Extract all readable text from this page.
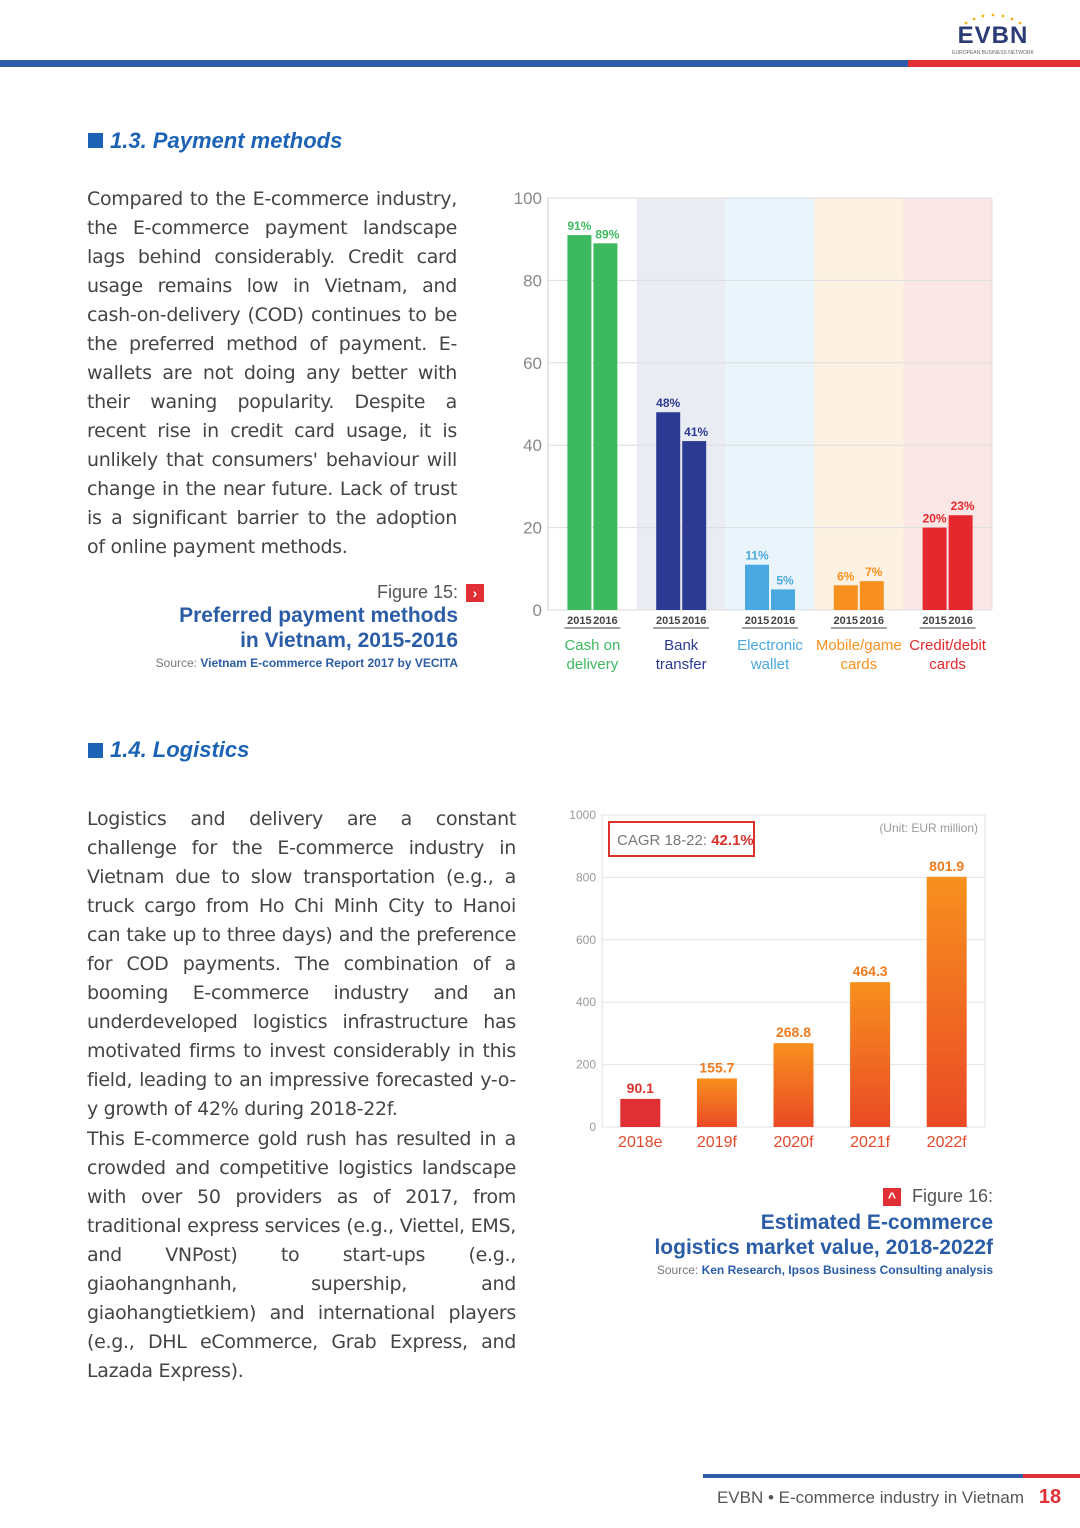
EVBN
EUROPEAN BUSINESS NETWORK
1.3. Payment methods
Compared to the E-commerce industry, the E-commerce payment landscape lags behind considerably. Credit card usage remains low in Vietnam, and cash-on-delivery (COD) continues to be the preferred method of payment. E-wallets are not doing any better with their waning popularity. Despite a recent rise in credit card usage, it is unlikely that consumers' behaviour will change in the near future. Lack of trust is a significant barrier to the adoption of online payment methods.
Figure 15:	›
Preferred payment methods
in Vietnam, 2015-2016
Source: Vietnam E-commerce Report 2017 by VECITA
0
20
40
60
80
100
91%
89%
2015 2016
Cash on
delivery
48%
41%
2015 2016
Bank
transfer
11%
5%
2015 2016
Electronic
wallet
6% 7%
2015 2016
Mobile/game
cards
20%
23%
2015 2016
Credit/debit
cards
1.4. Logistics
Logistics and delivery are a constant challenge for the E-commerce industry in Vietnam due to slow transportation (e.g., a truck cargo from Ho Chi Minh City to Hanoi can take up to three days) and the preference for COD payments. The combination of a booming E-commerce industry and an underdeveloped logistics infrastructure has motivated firms to invest considerably in this field, leading to an impressive forecasted y-o-y growth of 42% during 2018-22f.
This E-commerce gold rush has resulted in a crowded and competitive logistics landscape with over 50 providers as of 2017, from traditional express services (e.g., Viettel, EMS, and VNPost) to start-ups (e.g., giaohangnhanh, supership, and giaohangtietkiem) and international players (e.g., DHL eCommerce, Grab Express, and Lazada Express).
0
200
400
600
800
1000
CAGR 18-22: 42.1%
(Unit: EUR million)
90.1
2018e
155.7
2019f
268.8
2020f
464.3
2021f
801.9
2022f
^ Figure 16:
Estimated E-commerce
logistics market value, 2018-2022f
Source: Ken Research, Ipsos Business Consulting analysis
EVBN • E-commerce industry in Vietnam 18
